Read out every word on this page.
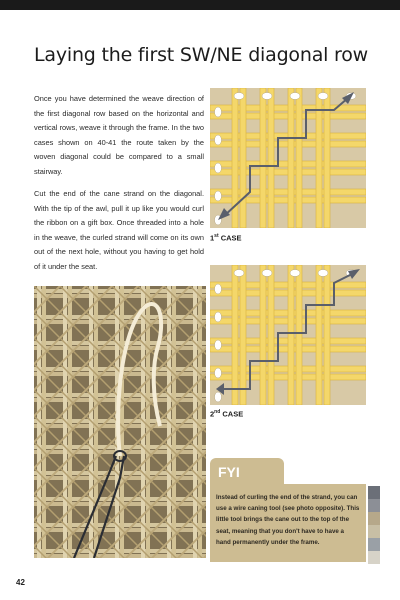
Laying the first SW/NE diagonal row

Once you have determined the weave direction of the first diagonal row based on the horizontal and vertical rows, weave it through the frame. In the two cases shown on 40-41 the route taken by the woven diagonal could be compared to a small stairway.

Cut the end of the cane strand on the diagonal. With the tip of the awl, pull it up like you would curl the ribbon on a gift box. Once threaded into a hole in the weave, the curled strand will come on its own out of the next hole, without you having to get hold of it under the seat.

1st CASE
2nd CASE
FYI

Instead of curling the end of the strand, you can use a wire caning tool (see photo opposite). This little tool brings the cane out to the top of the seat, meaning that you don't have to have a hand permanently under the frame.

42
